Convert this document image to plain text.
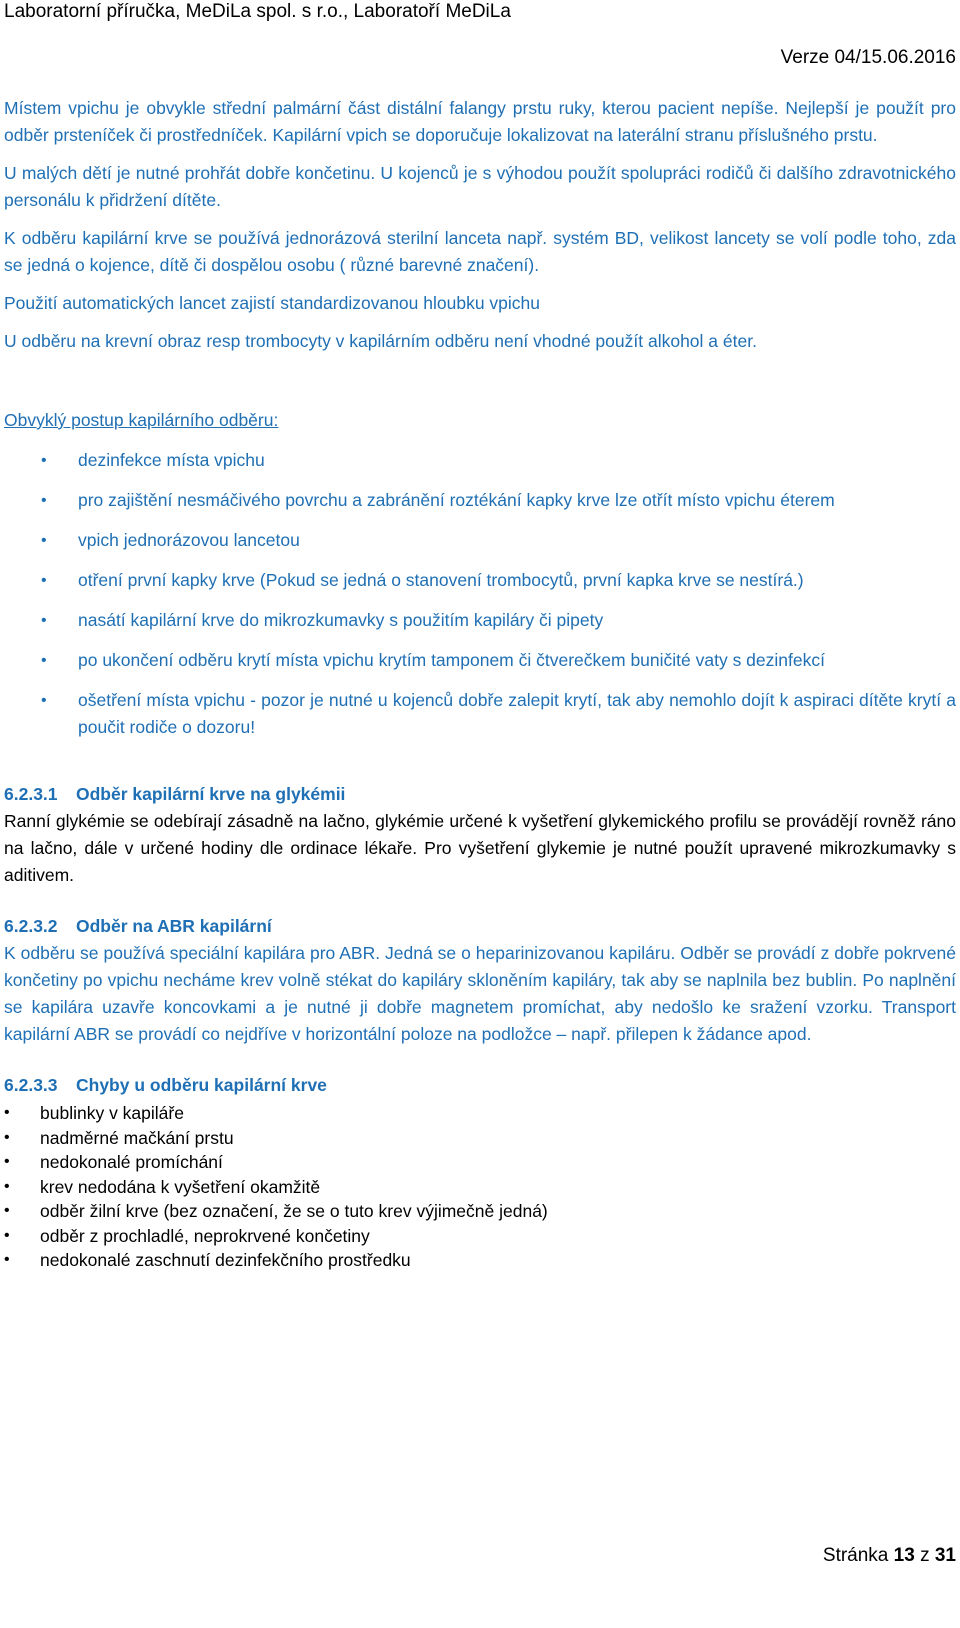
Laboratorní příručka, MeDiLa spol. s r.o., Laboratoří MeDiLa
Verze 04/15.06.2016

Místem vpichu je obvykle střední palmární část distální falangy prstu ruky, kterou pacient nepíše. Nejlepší je použít pro odběr prsteníček či prostředníček. Kapilární vpich se doporučuje lokalizovat na laterální stranu příslušného prstu.

U malých dětí je nutné prohřát dobře končetinu. U kojenců je s výhodou použít spolupráci rodičů či dalšího zdravotnického personálu k přidržení dítěte.

K odběru kapilární krve se používá jednorázová sterilní lanceta např. systém BD, velikost lancety se volí podle toho, zda se jedná o kojence, dítě či dospělou osobu ( různé barevné značení).

Použití automatických lancet zajistí standardizovanou hloubku vpichu

U odběru na krevní obraz resp trombocyty v kapilárním odběru není vhodné použít alkohol a éter.

Obvyklý postup kapilárního odběru:
• dezinfekce místa vpichu
• pro zajištění nesmáčivého povrchu a zabránění roztékání kapky krve lze otřít místo vpichu éterem
• vpich jednorázovou lancetou
• otření první kapky krve (Pokud se jedná o stanovení trombocytů, první kapka krve se nestírá.)
• nasátí kapilární krve do mikrozkumavky s použitím kapiláry či pipety
• po ukončení odběru krytí místa vpichu krytím tamponem či čtverečkem buničité vaty s dezinfekcí
• ošetření místa vpichu - pozor je nutné u kojenců dobře zalepit krytí, tak aby nemohlo dojít k aspiraci dítěte krytí a poučit rodiče o dozoru!

6.2.3.1 Odběr kapilární krve na glykémii

Ranní glykémie se odebírají zásadně na lačno, glykémie určené k vyšetření glykemického profilu se provádějí rovněž ráno na lačno, dále v určené hodiny dle ordinace lékaře. Pro vyšetření glykemie je nutné použít upravené mikrozkumavky s aditivem.

6.2.3.2 Odběr na ABR kapilární

K odběru se používá speciální kapilára pro ABR. Jedná se o heparinizovanou kapiláru. Odběr se provádí z dobře pokrvené končetiny po vpichu necháme krev volně stékat do kapiláry skloněním kapiláry, tak aby se naplnila bez bublin. Po naplnění se kapilára uzavře koncovkami a je nutné ji dobře magnetem promíchat, aby nedošlo ke sražení vzorku. Transport kapilární ABR se provádí co nejdříve v horizontální poloze na podložce – např. přilepen k žádance apod.

6.2.3.3 Chyby u odběru kapilární krve

• bublinky v kapiláře
• nadměrné mačkání prstu
• nedokonalé promíchání
• krev nedodána k vyšetření okamžitě
• odběr žilní krve (bez označení, že se o tuto krev výjimečně jedná)
• odběr z prochladlé, neprokrvené končetiny
• nedokonalé zaschnutí dezinfekčního prostředku
Stránka 13 z 31
